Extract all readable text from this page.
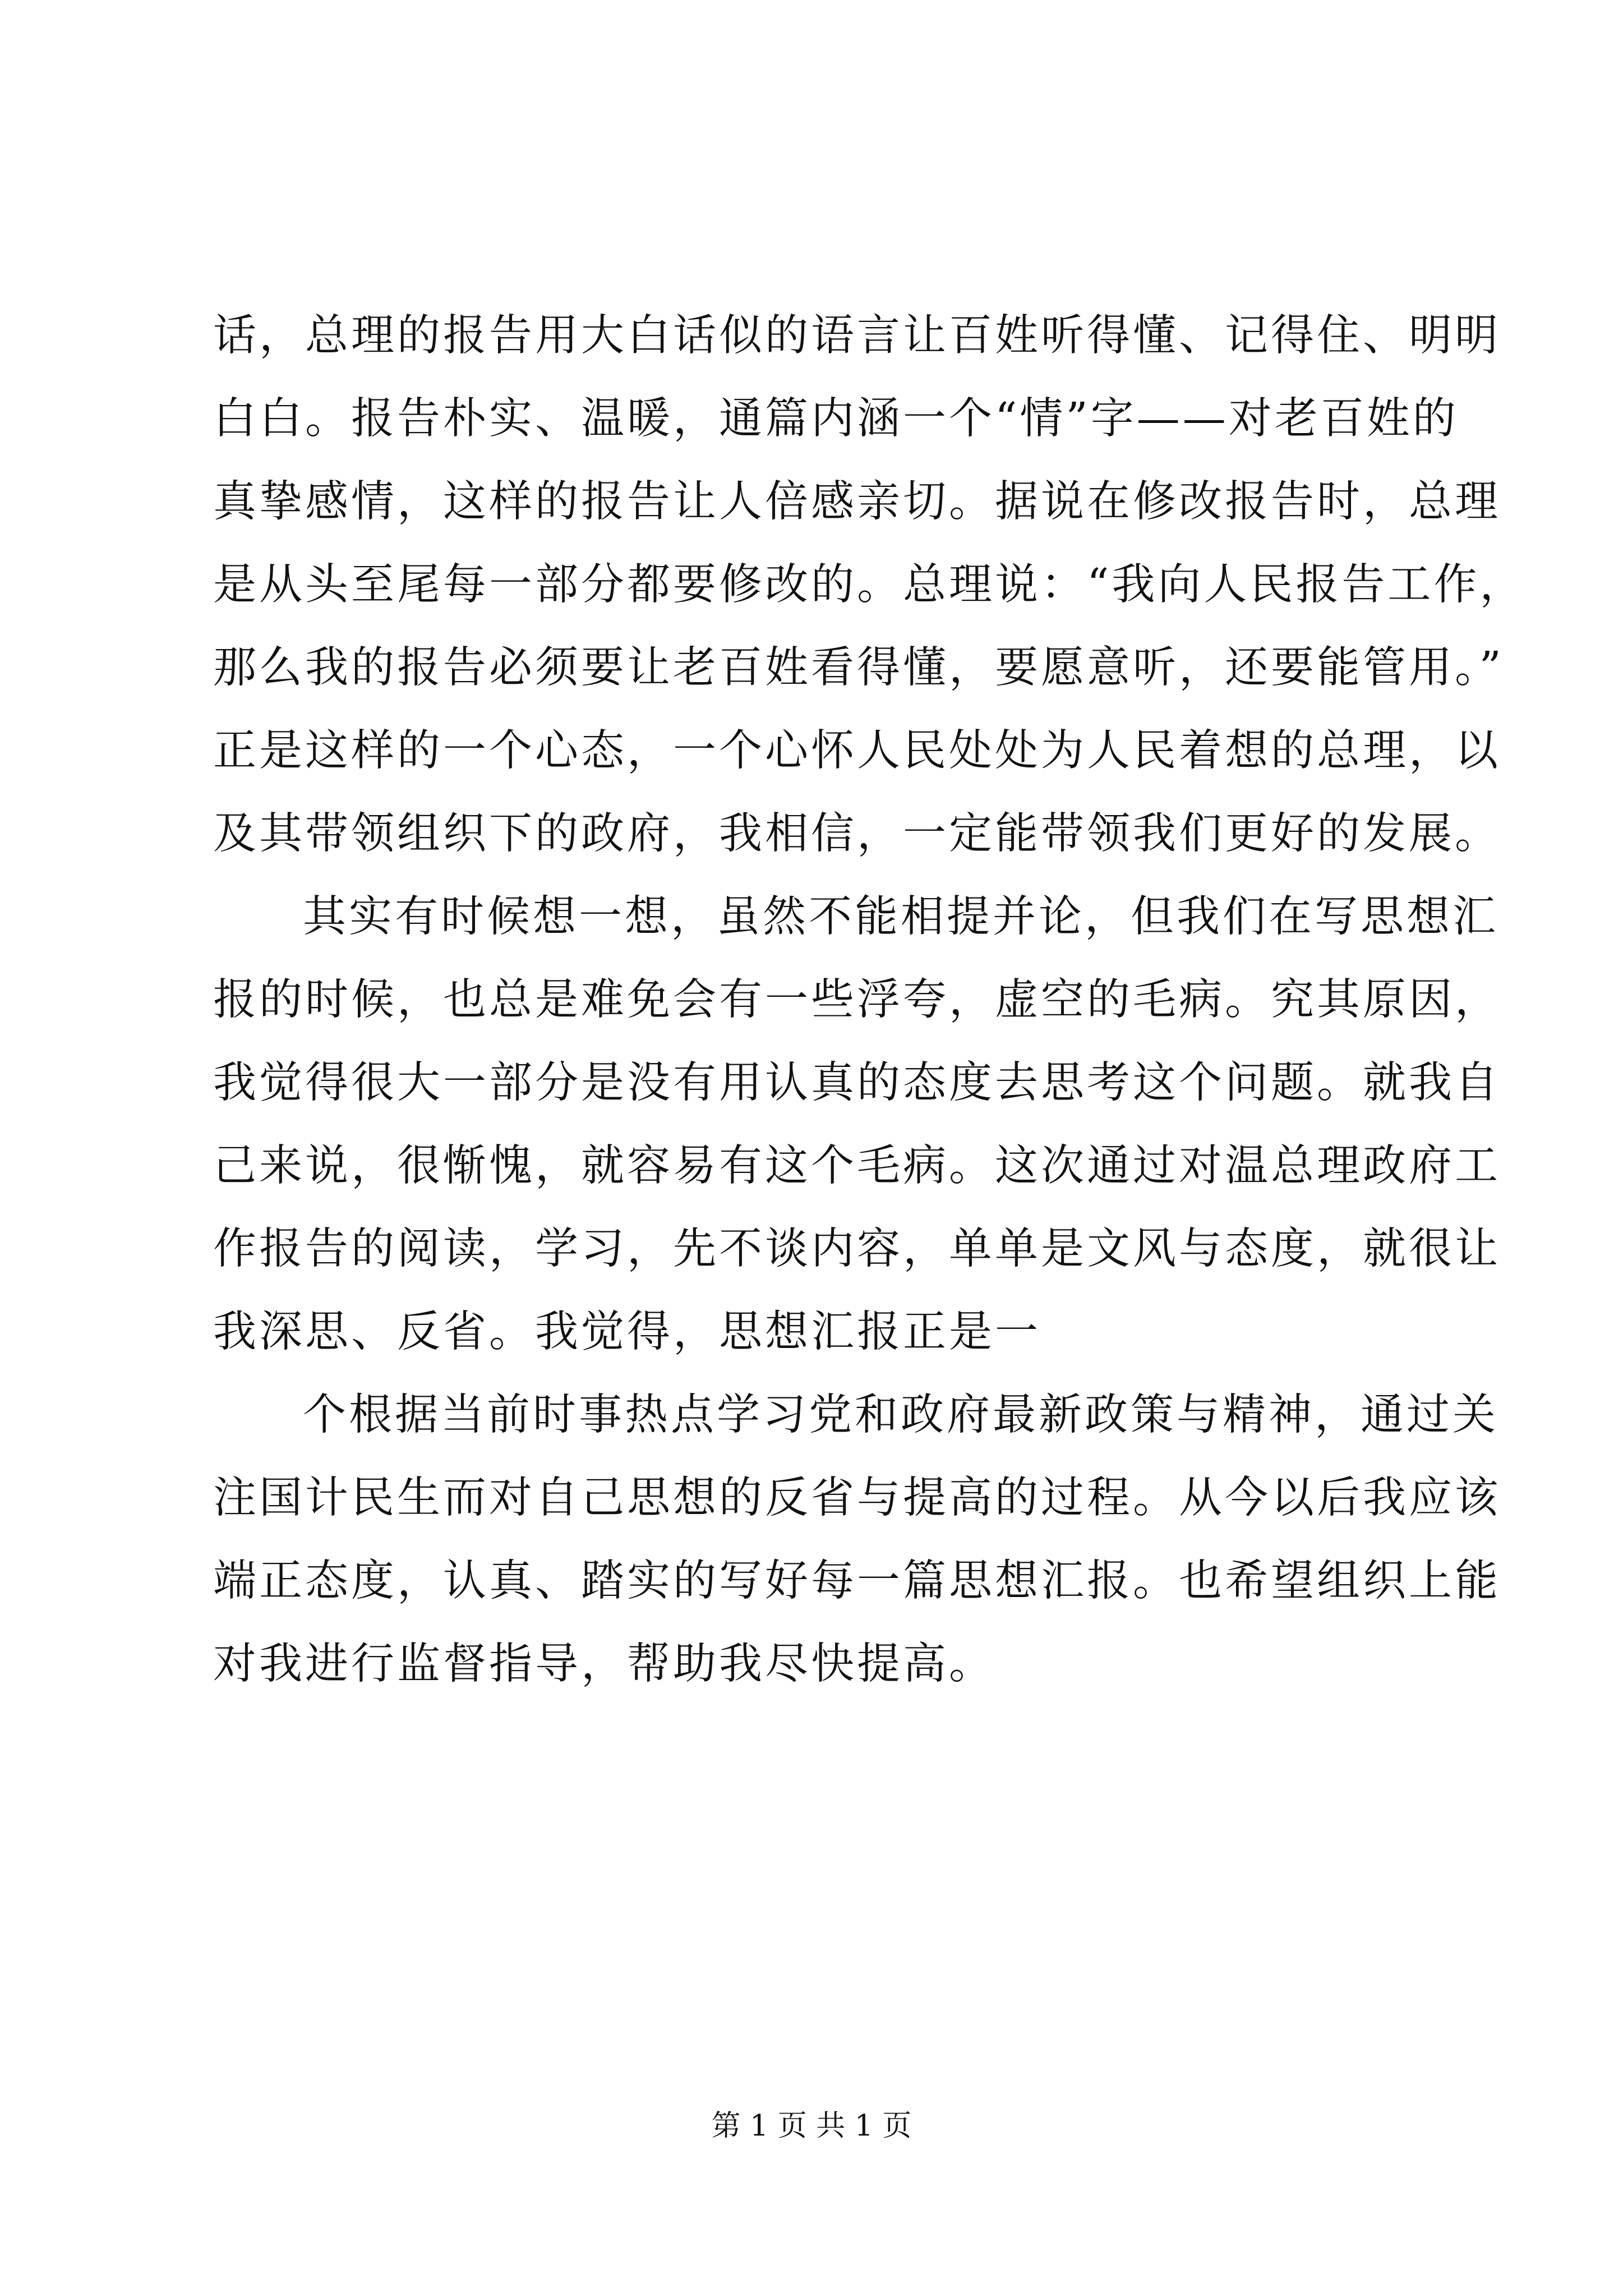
话，总理的报告用大白话似的语言让百姓听得懂、记得住、明明
白白。报告朴实、温暖，通篇内涵一个“情”字——对老百姓的
真挚感情，这样的报告让人倍感亲切。据说在修改报告时，总理
是从头至尾每一部分都要修改的。总理说：“我向人民报告工作，
那么我的报告必须要让老百姓看得懂，要愿意听，还要能管用。”
正是这样的一个心态，一个心怀人民处处为人民着想的总理，以
及其带领组织下的政府，我相信，一定能带领我们更好的发展。
其实有时候想一想，虽然不能相提并论，但我们在写思想汇
报的时候，也总是难免会有一些浮夸，虚空的毛病。究其原因，
我觉得很大一部分是没有用认真的态度去思考这个问题。就我自
己来说，很惭愧，就容易有这个毛病。这次通过对温总理政府工
作报告的阅读，学习，先不谈内容，单单是文风与态度，就很让
我深思、反省。我觉得，思想汇报正是一
个根据当前时事热点学习党和政府最新政策与精神，通过关
注国计民生而对自己思想的反省与提高的过程。从今以后我应该
端正态度，认真、踏实的写好每一篇思想汇报。也希望组织上能
对我进行监督指导，帮助我尽快提高。
第 1 页 共 1 页
